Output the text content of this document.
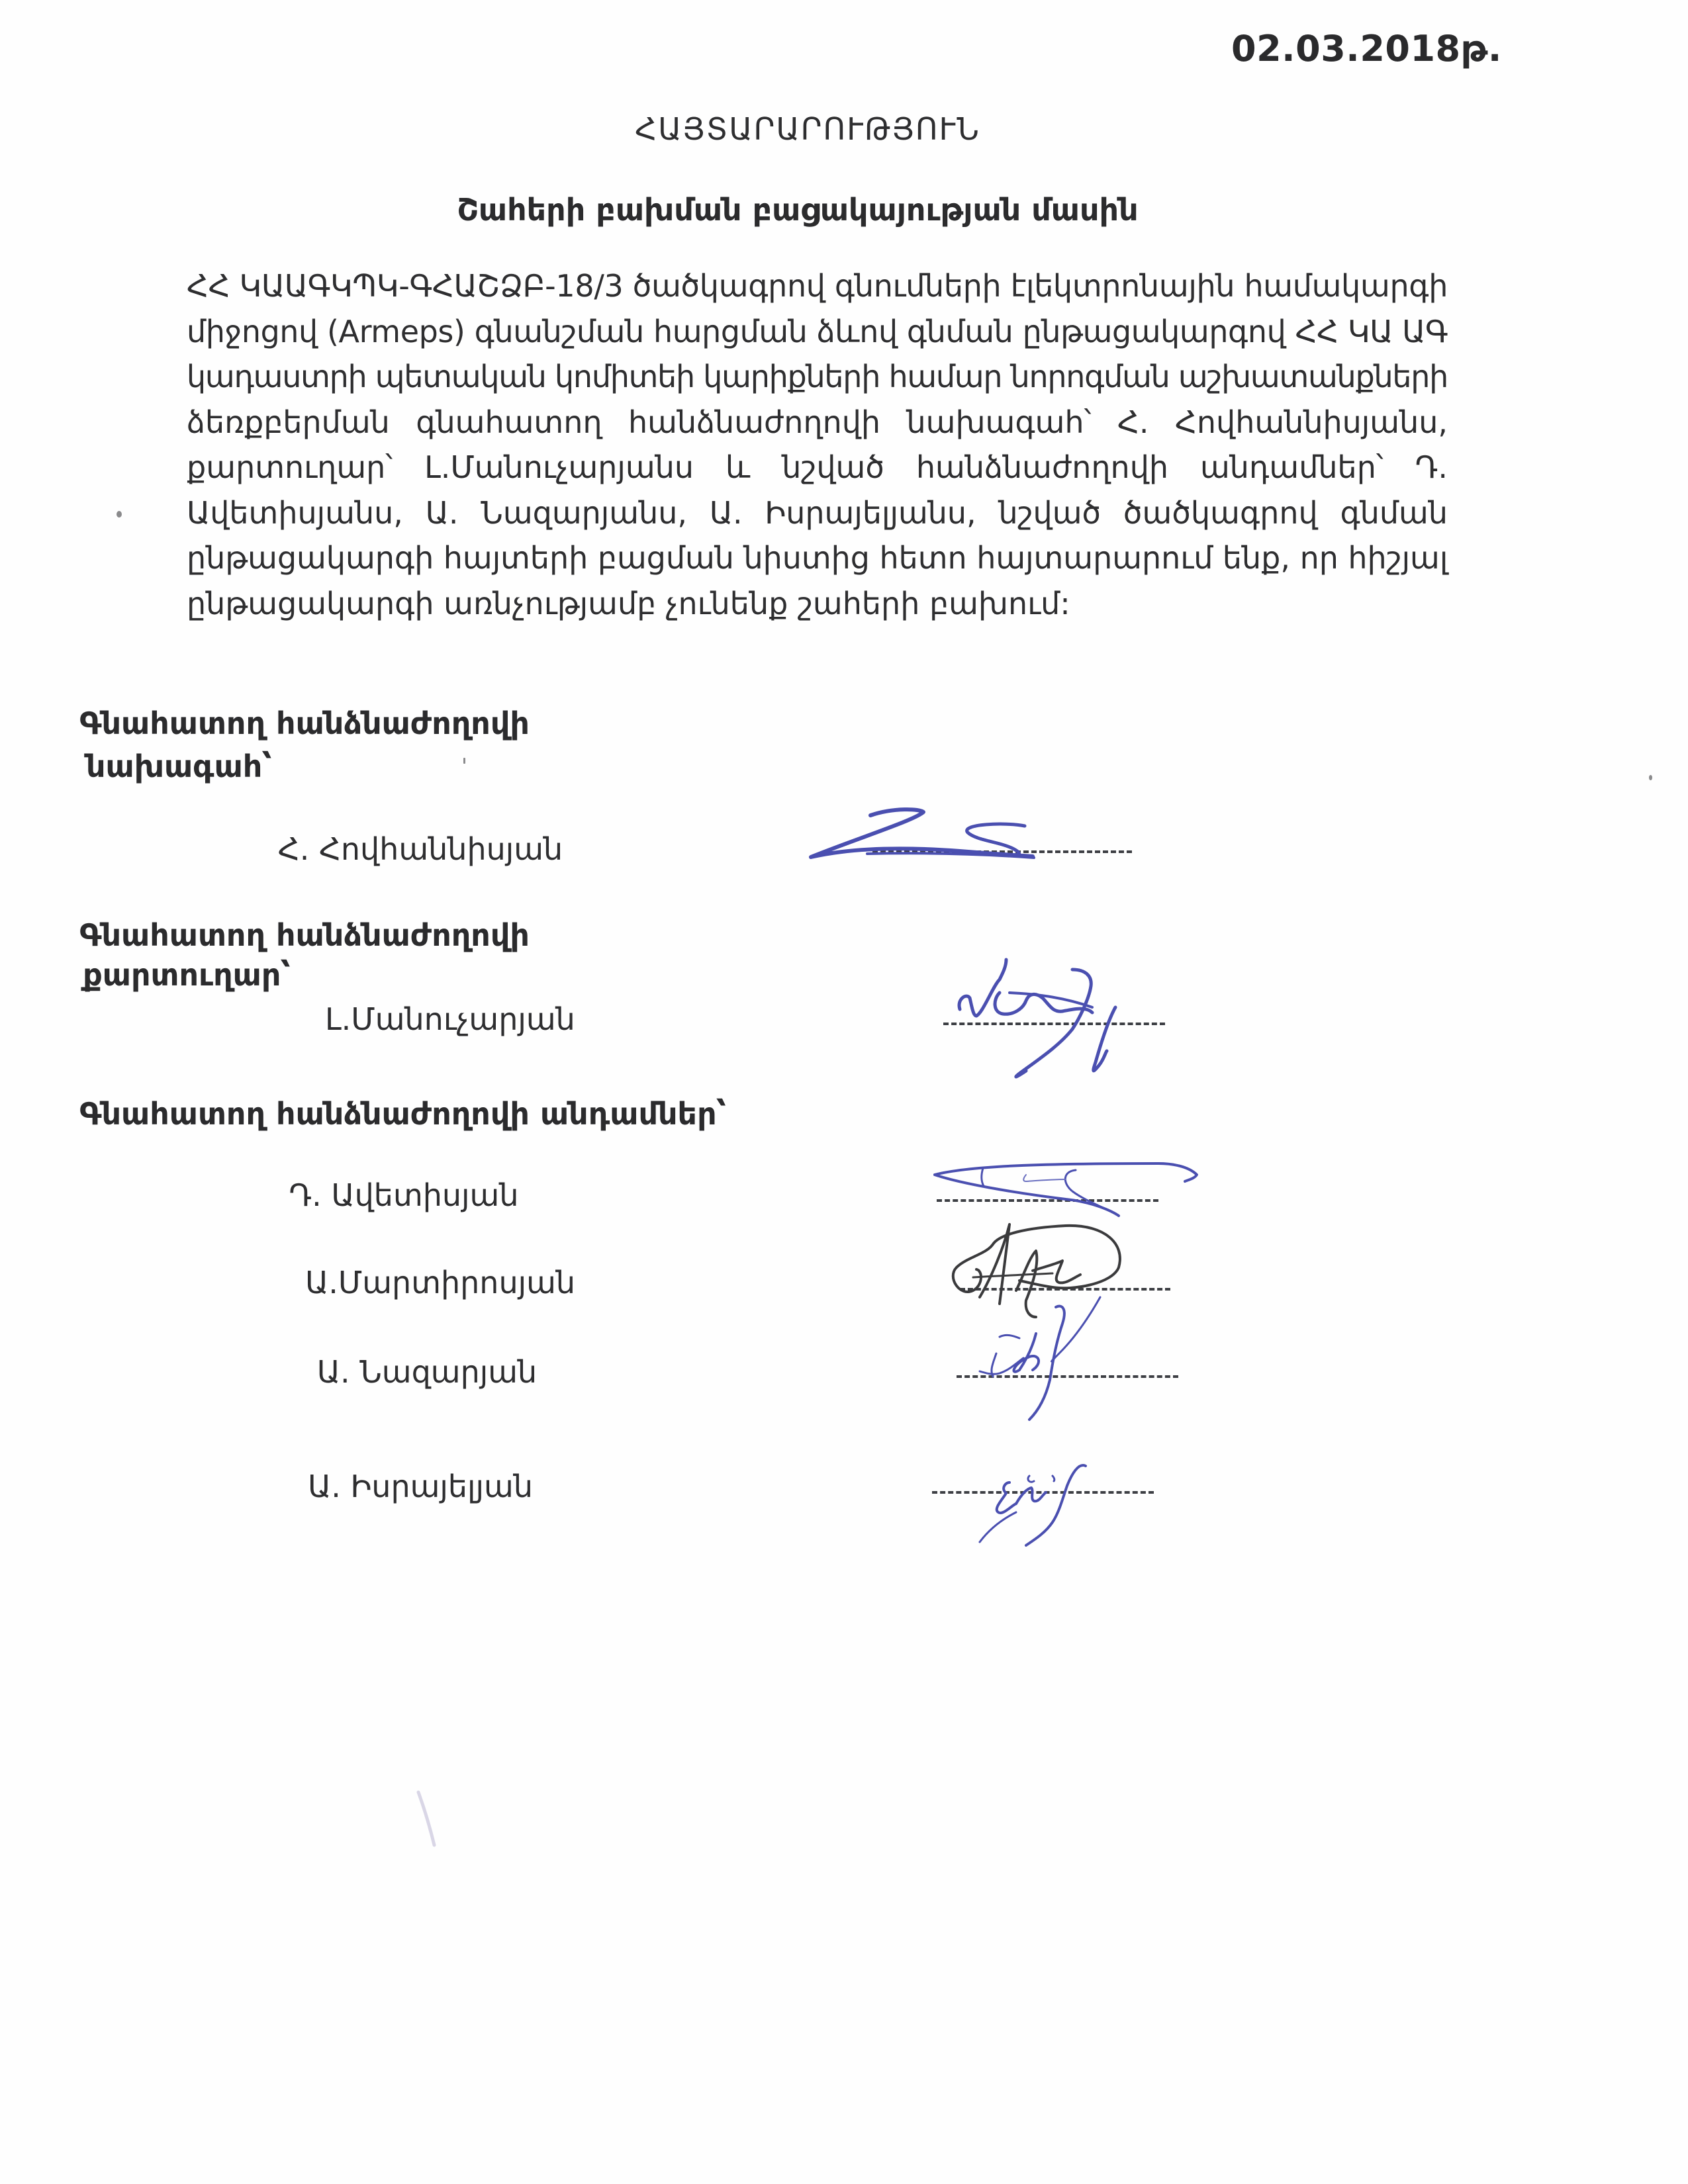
02.03.2018թ.
ՀԱՅՏԱՐԱՐՈՒԹՅՈՒՆ
Շահերի բախման բացակայության մասին
ՀՀ ԿԱԱԳԿՊԿ-ԳՀԱՇՁԲ-18/3 ծածկագրով գնումների էլեկտրոնային համակարգի
միջոցով (Armeps) գնանշման հարցման ձևով գնման ընթացակարգով ՀՀ ԿԱ ԱԳ
կադաստրի պետական կոմիտեի կարիքների համար նորոգման աշխատանքների
ձեռքբերման գնահատող հանձնաժողովի նախագահ՝ Հ. Հովհաննիսյանս,
քարտուղար՝ Լ.Մանուչարյանս և նշված հանձնաժողովի անդամներ՝ Դ.
Ավետիսյանս, Ա. Նազարյանս, Ա. Իսրայելյանս, նշված ծածկագրով գնման
ընթացակարգի հայտերի բացման նիստից հետո հայտարարում ենք, որ հիշյալ
ընթացակարգի առնչությամբ չունենք շահերի բախում:
Գնահատող հանձնաժողովի
նախագահ՝
Հ. Հովհաննիսյան
Գնահատող հանձնաժողովի
քարտուղար՝
Լ.Մանուչարյան
Գնահատող հանձնաժողովի անդամներ՝
Դ. Ավետիսյան
Ա.Մարտիրոսյան
Ա. Նազարյան
Ա. Իսրայելյան
